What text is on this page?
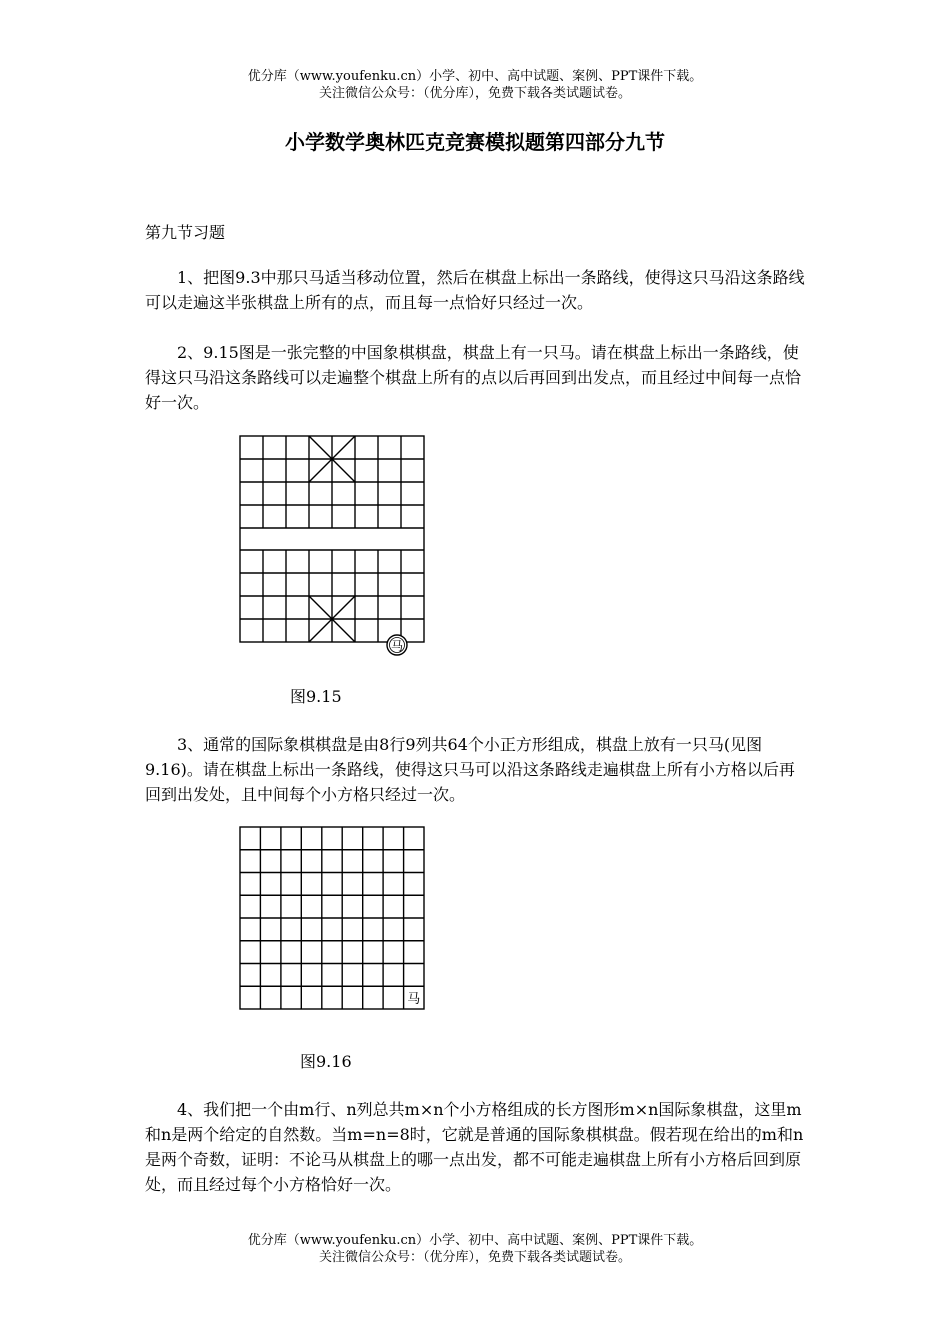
优分库（www.youfenku.cn）小学、初中、高中试题、案例、PPT课件下载。
关注微信公众号：（优分库），免费下载各类试题试卷。
小学数学奥林匹克竞赛模拟题第四部分九节
第九节习题

1、把图9.3中那只马适当移动位置，然后在棋盘上标出一条路线，使得这只马沿这条路线可以走遍这半张棋盘上所有的点，而且每一点恰好只经过一次。

2、9.15图是一张完整的中国象棋棋盘，棋盘上有一只马。请在棋盘上标出一条路线，使得这只马沿这条路线可以走遍整个棋盘上所有的点以后再回到出发点，而且经过中间每一点恰好一次。

马
图9.15

3、通常的国际象棋棋盘是由8行9列共64个小正方形组成，棋盘上放有一只马(见图9.16)。请在棋盘上标出一条路线，使得这只马可以沿这条路线走遍棋盘上所有小方格以后再回到出发处，且中间每个小方格只经过一次。

马
图9.16

4、我们把一个由m行、n列总共m×n个小方格组成的长方图形m×n国际象棋盘，这里m和n是两个给定的自然数。当m=n=8时，它就是普通的国际象棋棋盘。假若现在给出的m和n是两个奇数，证明：不论马从棋盘上的哪一点出发，都不可能走遍棋盘上所有小方格后回到原处，而且经过每个小方格恰好一次。

优分库（www.youfenku.cn）小学、初中、高中试题、案例、PPT课件下载。
关注微信公众号：（优分库），免费下载各类试题试卷。
